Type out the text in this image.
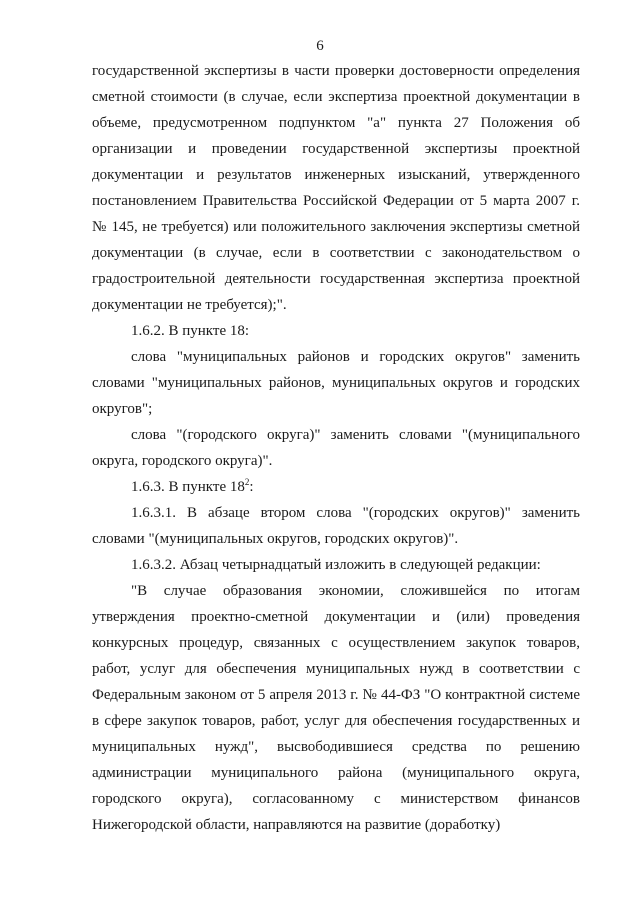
6

государственной экспертизы в части проверки достоверности определения сметной стоимости (в случае, если экспертиза проектной документации в объеме, предусмотренном подпунктом "а" пункта 27 Положения об организации и проведении государственной экспертизы проектной документации и результатов инженерных изысканий, утвержденного постановлением Правительства Российской Федерации от 5 марта 2007 г. № 145, не требуется) или положительного заключения экспертизы сметной документации (в случае, если в соответствии с законодательством о градостроительной деятельности государственная экспертиза проектной документации не требуется);".

1.6.2. В пункте 18:

слова "муниципальных районов и городских округов" заменить словами "муниципальных районов, муниципальных округов и городских округов";

слова "(городского округа)" заменить словами "(муниципального округа, городского округа)".

1.6.3. В пункте $18^2$:

1.6.3.1. В абзаце втором слова "(городских округов)" заменить словами "(муниципальных округов, городских округов)".

1.6.3.2. Абзац четырнадцатый изложить в следующей редакции:

"В случае образования экономии, сложившейся по итогам утверждения проектно-сметной документации и (или) проведения конкурсных процедур, связанных с осуществлением закупок товаров, работ, услуг для обеспечения муниципальных нужд в соответствии с Федеральным законом от 5 апреля 2013 г. № 44-ФЗ "О контрактной системе в сфере закупок товаров, работ, услуг для обеспечения государственных и муниципальных нужд", высвободившиеся средства по решению администрации муниципального района (муниципального округа, городского округа), согласованному с министерством финансов Нижегородской области, направляются на развитие (доработку)
